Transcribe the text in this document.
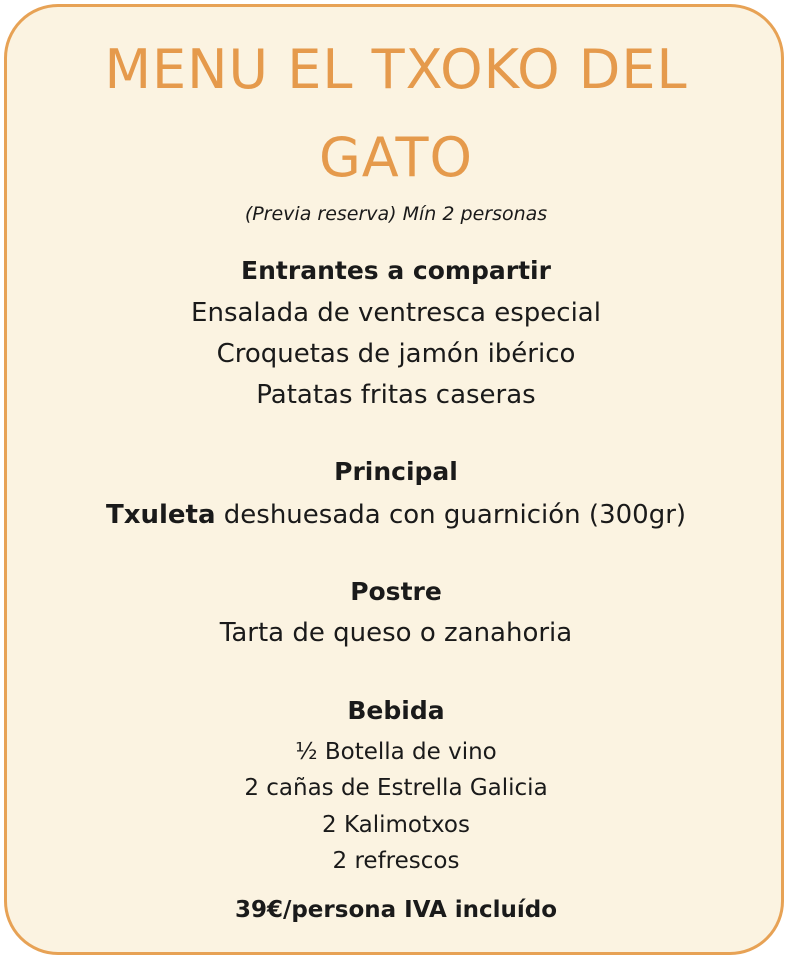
MENU EL TXOKO DEL
GATO

(Previa reserva) Mín 2 personas

Entrantes a compartir

Ensalada de ventresca especial

Croquetas de jamón ibérico

Patatas fritas caseras

Principal

Txuleta deshuesada con guarnición (300gr)

Postre

Tarta de queso o zanahoria

Bebida

½ Botella de vino

2 cañas de Estrella Galicia

2 Kalimotxos

2 refrescos

39€/persona IVA incluído
